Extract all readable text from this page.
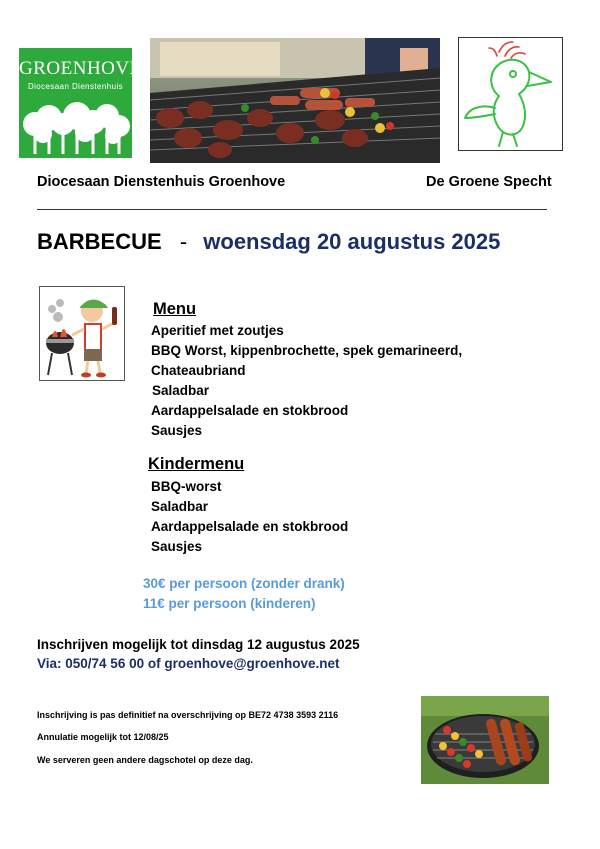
GROENHOVE
Diocesaan Dienstenhuis
Diocesaan Dienstenhuis Groenhove	De Groene Specht
BARBECUE - woensdag 20 augustus 2025
Menu
Aperitief met zoutjes
BBQ Worst, kippenbrochette, spek gemarineerd,
Chateaubriand
Saladbar
Aardappelsalade en stokbrood
Sausjes
Kindermenu
BBQ-worst
Saladbar
Aardappelsalade en stokbrood
Sausjes
30€ per persoon (zonder drank)
11€ per persoon (kinderen)
Inschrijven mogelijk tot dinsdag 12 augustus 2025
Via: 050/74 56 00 of groenhove@groenhove.net
Inschrijving is pas definitief na overschrijving op BE72 4738 3593 2116
Annulatie mogelijk tot 12/08/25
We serveren geen andere dagschotel op deze dag.
